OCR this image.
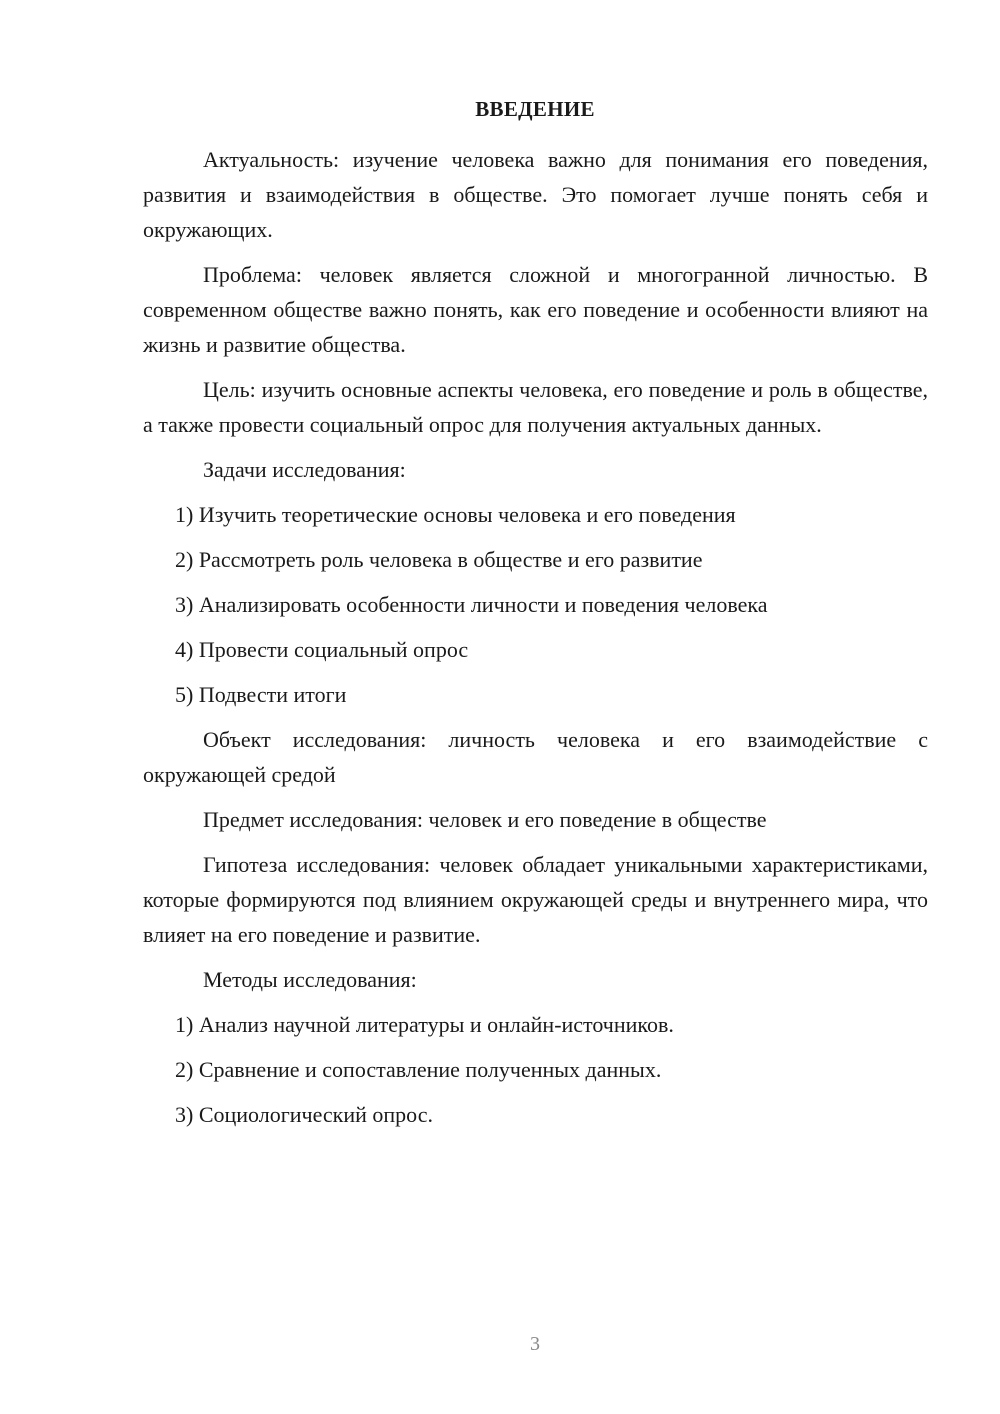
ВВЕДЕНИЕ

Актуальность: изучение человека важно для понимания его поведения, развития и взаимодействия в обществе. Это помогает лучше понять себя и окружающих.

Проблема: человек является сложной и многогранной личностью. В современном обществе важно понять, как его поведение и особенности влияют на жизнь и развитие общества.

Цель: изучить основные аспекты человека, его поведение и роль в обществе, а также провести социальный опрос для получения актуальных данных.

Задачи исследования:

1) Изучить теоретические основы человека и его поведения

2) Рассмотреть роль человека в обществе и его развитие

3) Анализировать особенности личности и поведения человека

4) Провести социальный опрос

5) Подвести итоги

Объект исследования: личность человека и его взаимодействие с окружающей средой

Предмет исследования: человек и его поведение в обществе

Гипотеза исследования: человек обладает уникальными характеристиками, которые формируются под влиянием окружающей среды и внутреннего мира, что влияет на его поведение и развитие.

Методы исследования:

1) Анализ научной литературы и онлайн-источников.

2) Сравнение и сопоставление полученных данных.

3) Социологический опрос.

3
